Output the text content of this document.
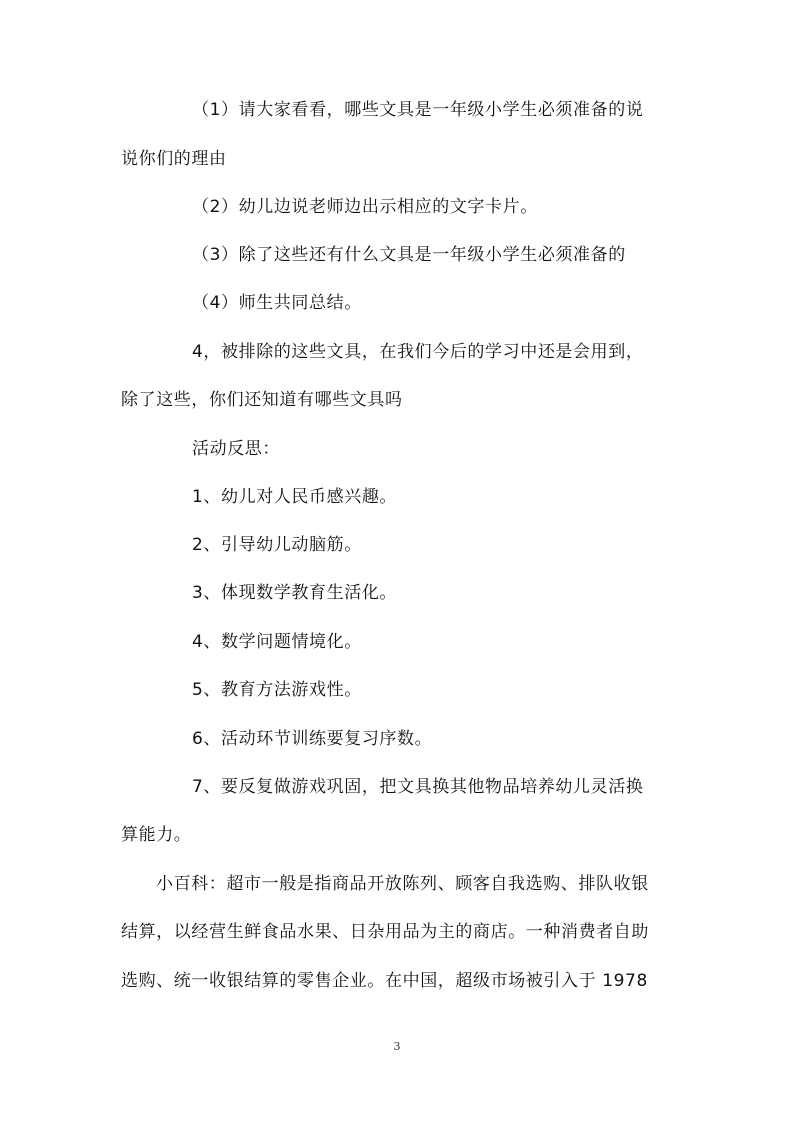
（1）请大家看看，哪些文具是一年级小学生必须准备的说
说你们的理由
（2）幼儿边说老师边出示相应的文字卡片。
（3）除了这些还有什么文具是一年级小学生必须准备的
（4）师生共同总结。
4，被排除的这些文具，在我们今后的学习中还是会用到，
除了这些，你们还知道有哪些文具吗
活动反思：
1、幼儿对人民币感兴趣。
2、引导幼儿动脑筋。
3、体现数学教育生活化。
4、数学问题情境化。
5、教育方法游戏性。
6、活动环节训练要复习序数。
7、要反复做游戏巩固，把文具换其他物品培养幼儿灵活换
算能力。
小百科：超市一般是指商品开放陈列、顾客自我选购、排队收银
结算，以经营生鲜食品水果、日杂用品为主的商店。一种消费者自助
选购、统一收银结算的零售企业。在中国，超级市场被引入于 1978
3
